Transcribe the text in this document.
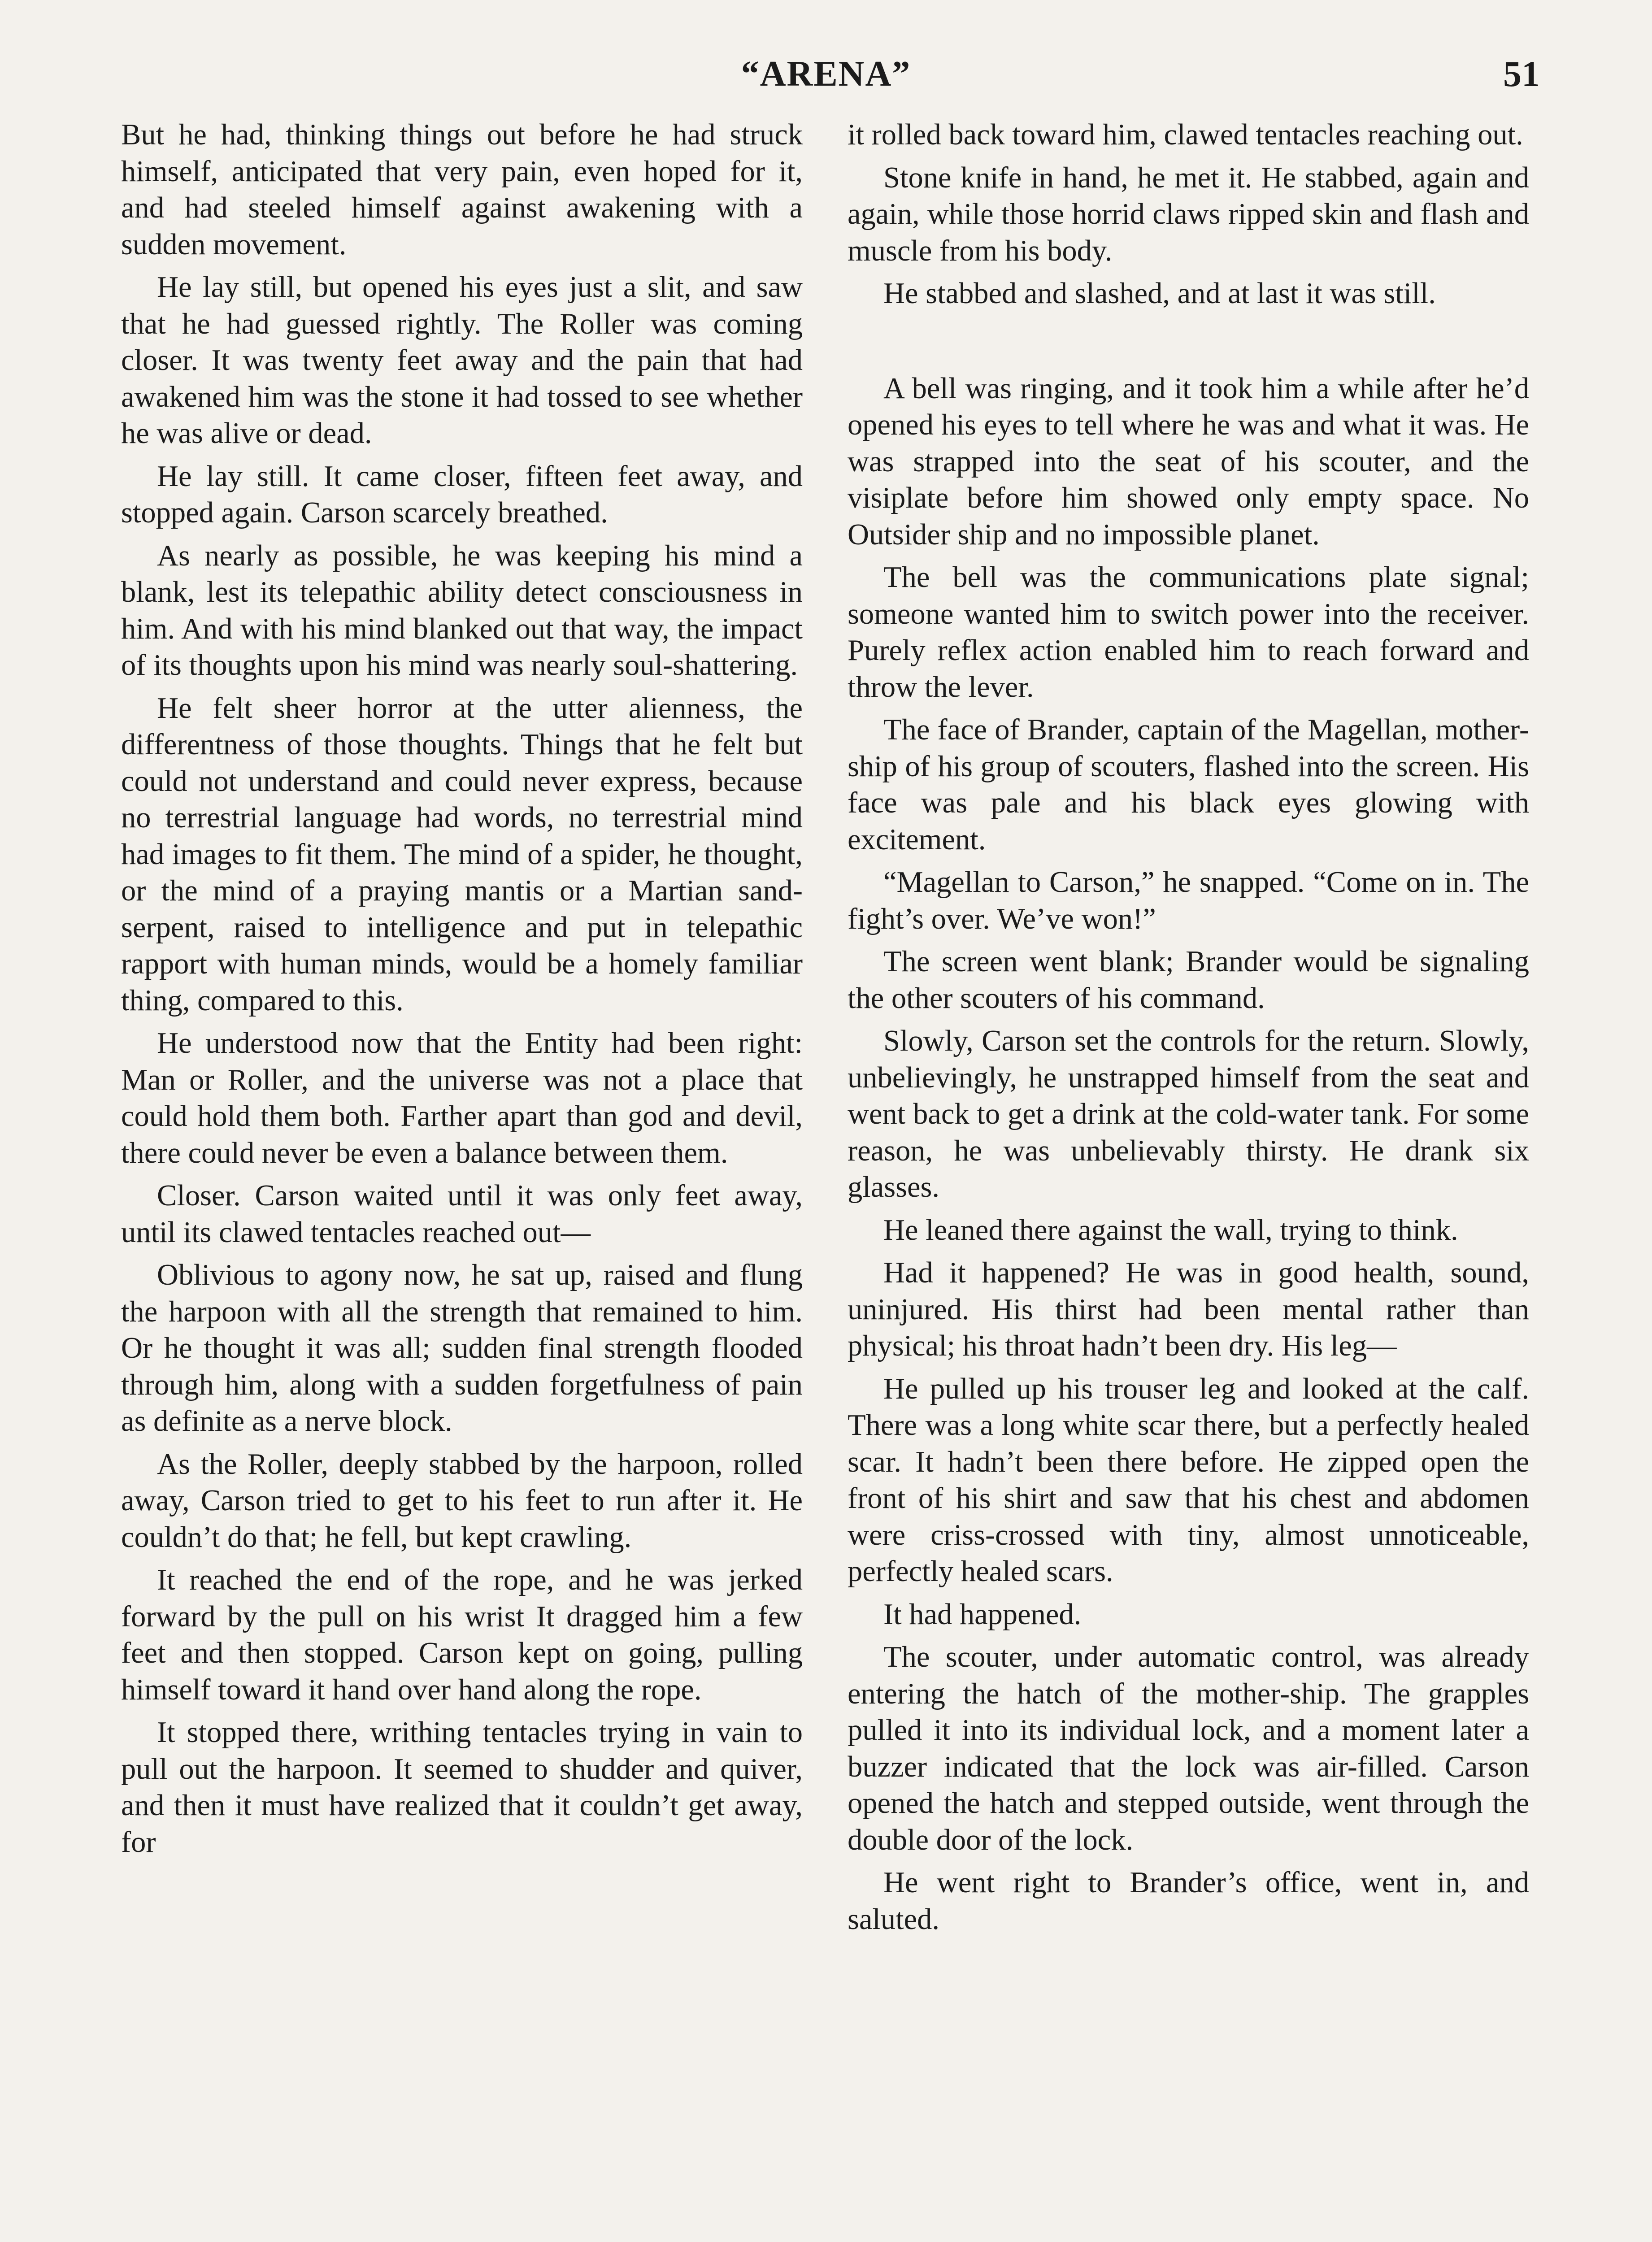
“ARENA”	51

But he had, thinking things out before he had struck himself, anticipated that very pain, even hoped for it, and had steeled himself against awakening with a sudden movement.

He lay still, but opened his eyes just a slit, and saw that he had guessed rightly. The Roller was coming closer. It was twenty feet away and the pain that had awakened him was the stone it had tossed to see whether he was alive or dead.

He lay still. It came closer, fifteen feet away, and stopped again. Carson scarcely breathed.

As nearly as possible, he was keeping his mind a blank, lest its telepathic ability detect consciousness in him. And with his mind blanked out that way, the impact of its thoughts upon his mind was nearly soul-shattering.

He felt sheer horror at the utter alienness, the differentness of those thoughts. Things that he felt but could not understand and could never express, because no terrestrial language had words, no terrestrial mind had images to fit them. The mind of a spider, he thought, or the mind of a praying mantis or a Martian sand-serpent, raised to intelligence and put in telepathic rapport with human minds, would be a homely familiar thing, compared to this.

He understood now that the Entity had been right: Man or Roller, and the universe was not a place that could hold them both. Farther apart than god and devil, there could never be even a balance between them.

Closer. Carson waited until it was only feet away, until its clawed tentacles reached out—

Oblivious to agony now, he sat up, raised and flung the harpoon with all the strength that remained to him. Or he thought it was all; sudden final strength flooded through him, along with a sudden forgetfulness of pain as definite as a nerve block.

As the Roller, deeply stabbed by the harpoon, rolled away, Carson tried to get to his feet to run after it. He couldn’t do that; he fell, but kept crawling.

It reached the end of the rope, and he was jerked forward by the pull on his wrist It dragged him a few feet and then stopped. Carson kept on going, pulling himself toward it hand over hand along the rope.

It stopped there, writhing tentacles trying in vain to pull out the harpoon. It seemed to shudder and quiver, and then it must have realized that it couldn’t get away, for

it rolled back toward him, clawed tentacles reaching out.

Stone knife in hand, he met it. He stabbed, again and again, while those horrid claws ripped skin and flash and muscle from his body.

He stabbed and slashed, and at last it was still.

A bell was ringing, and it took him a while after he’d opened his eyes to tell where he was and what it was. He was strapped into the seat of his scouter, and the visiplate before him showed only empty space. No Outsider ship and no impossible planet.

The bell was the communications plate signal; someone wanted him to switch power into the receiver. Purely reflex action enabled him to reach forward and throw the lever.

The face of Brander, captain of the Magellan, mother-ship of his group of scouters, flashed into the screen. His face was pale and his black eyes glowing with excitement.

“Magellan to Carson,” he snapped. “Come on in. The fight’s over. We’ve won!”

The screen went blank; Brander would be signaling the other scouters of his command.

Slowly, Carson set the controls for the return. Slowly, unbelievingly, he unstrapped himself from the seat and went back to get a drink at the cold-water tank. For some reason, he was unbelievably thirsty. He drank six glasses.

He leaned there against the wall, trying to think.

Had it happened? He was in good health, sound, uninjured. His thirst had been mental rather than physical; his throat hadn’t been dry. His leg—

He pulled up his trouser leg and looked at the calf. There was a long white scar there, but a perfectly healed scar. It hadn’t been there before. He zipped open the front of his shirt and saw that his chest and abdomen were criss-crossed with tiny, almost unnoticeable, perfectly healed scars.

It had happened.

The scouter, under automatic control, was already entering the hatch of the mother-ship. The grapples pulled it into its individual lock, and a moment later a buzzer indicated that the lock was air-filled. Carson opened the hatch and stepped outside, went through the double door of the lock.

He went right to Brander’s office, went in, and saluted.
